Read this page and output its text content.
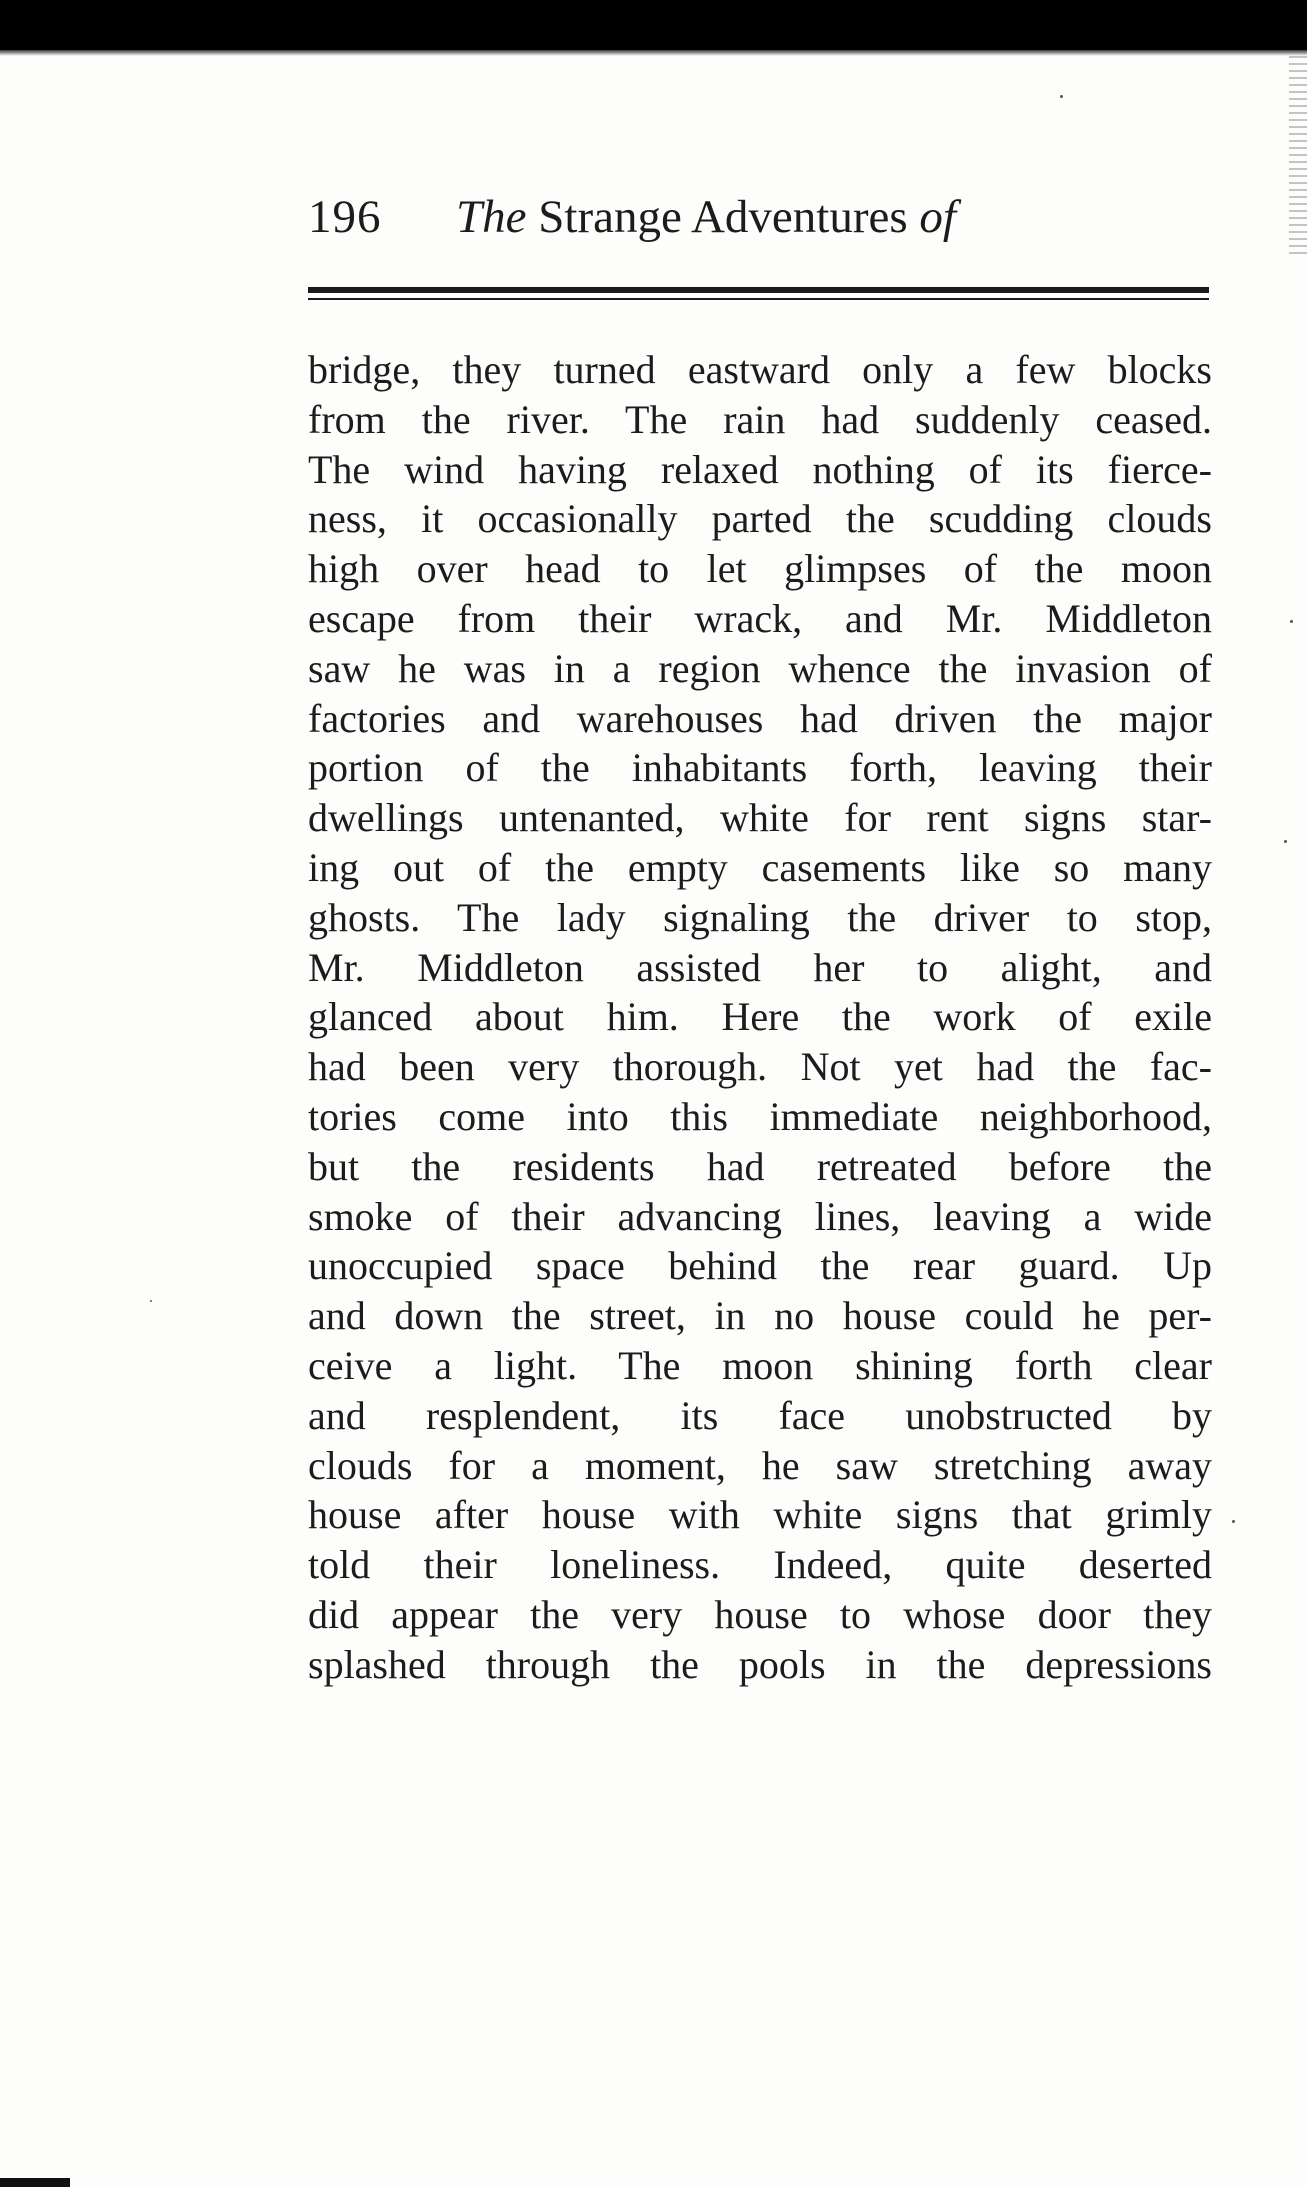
196 The Strange Adventures of
bridge, they turned eastward only a few blocks
from the river. The rain had suddenly ceased.
The wind having relaxed nothing of its fierce-
ness, it occasionally parted the scudding clouds
high over head to let glimpses of the moon
escape from their wrack, and Mr. Middleton
saw he was in a region whence the invasion of
factories and warehouses had driven the major
portion of the inhabitants forth, leaving their
dwellings untenanted, white for rent signs star-
ing out of the empty casements like so many
ghosts. The lady signaling the driver to stop,
Mr. Middleton assisted her to alight, and
glanced about him. Here the work of exile
had been very thorough. Not yet had the fac-
tories come into this immediate neighborhood,
but the residents had retreated before the
smoke of their advancing lines, leaving a wide
unoccupied space behind the rear guard. Up
and down the street, in no house could he per-
ceive a light. The moon shining forth clear
and resplendent, its face unobstructed by
clouds for a moment, he saw stretching away
house after house with white signs that grimly
told their loneliness. Indeed, quite deserted
did appear the very house to whose door they
splashed through the pools in the depressions
